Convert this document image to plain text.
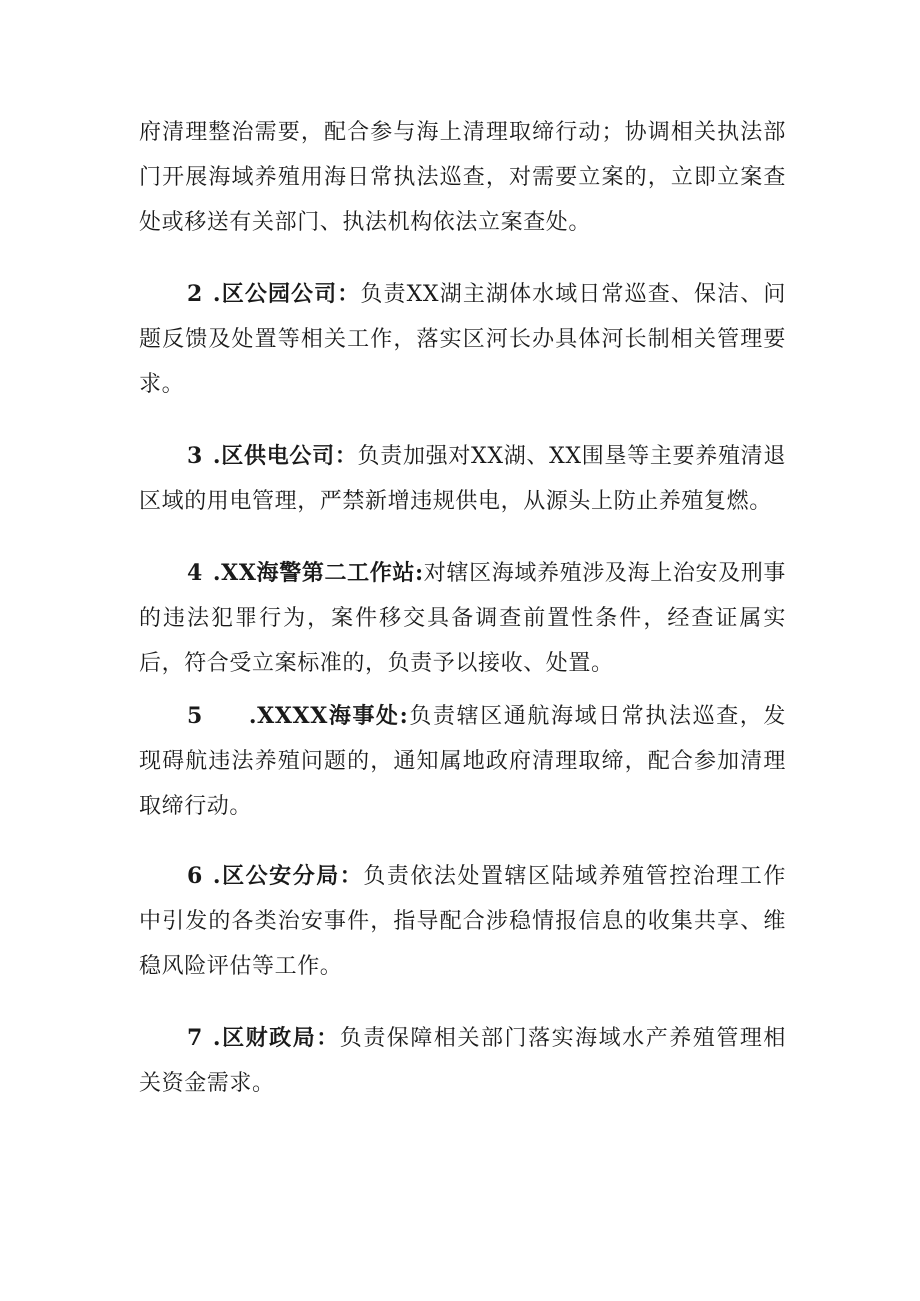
府清理整治需要，配合参与海上清理取缔行动；协调相关执法部门开展海域养殖用海日常执法巡查，对需要立案的，立即立案查处或移送有关部门、执法机构依法立案查处。

2 .区公园公司：负责XX湖主湖体水域日常巡查、保洁、问题反馈及处置等相关工作，落实区河长办具体河长制相关管理要求。

3 .区供电公司：负责加强对XX湖、XX围垦等主要养殖清退区域的用电管理，严禁新增违规供电，从源头上防止养殖复燃。

4 .XX海警第二工作站:对辖区海域养殖涉及海上治安及刑事的违法犯罪行为，案件移交具备调查前置性条件，经查证属实后，符合受立案标准的，负责予以接收、处置。

5 .XXXX海事处:负责辖区通航海域日常执法巡查，发现碍航违法养殖问题的，通知属地政府清理取缔，配合参加清理取缔行动。

6 .区公安分局：负责依法处置辖区陆域养殖管控治理工作中引发的各类治安事件，指导配合涉稳情报信息的收集共享、维稳风险评估等工作。

7 .区财政局：负责保障相关部门落实海域水产养殖管理相关资金需求。
